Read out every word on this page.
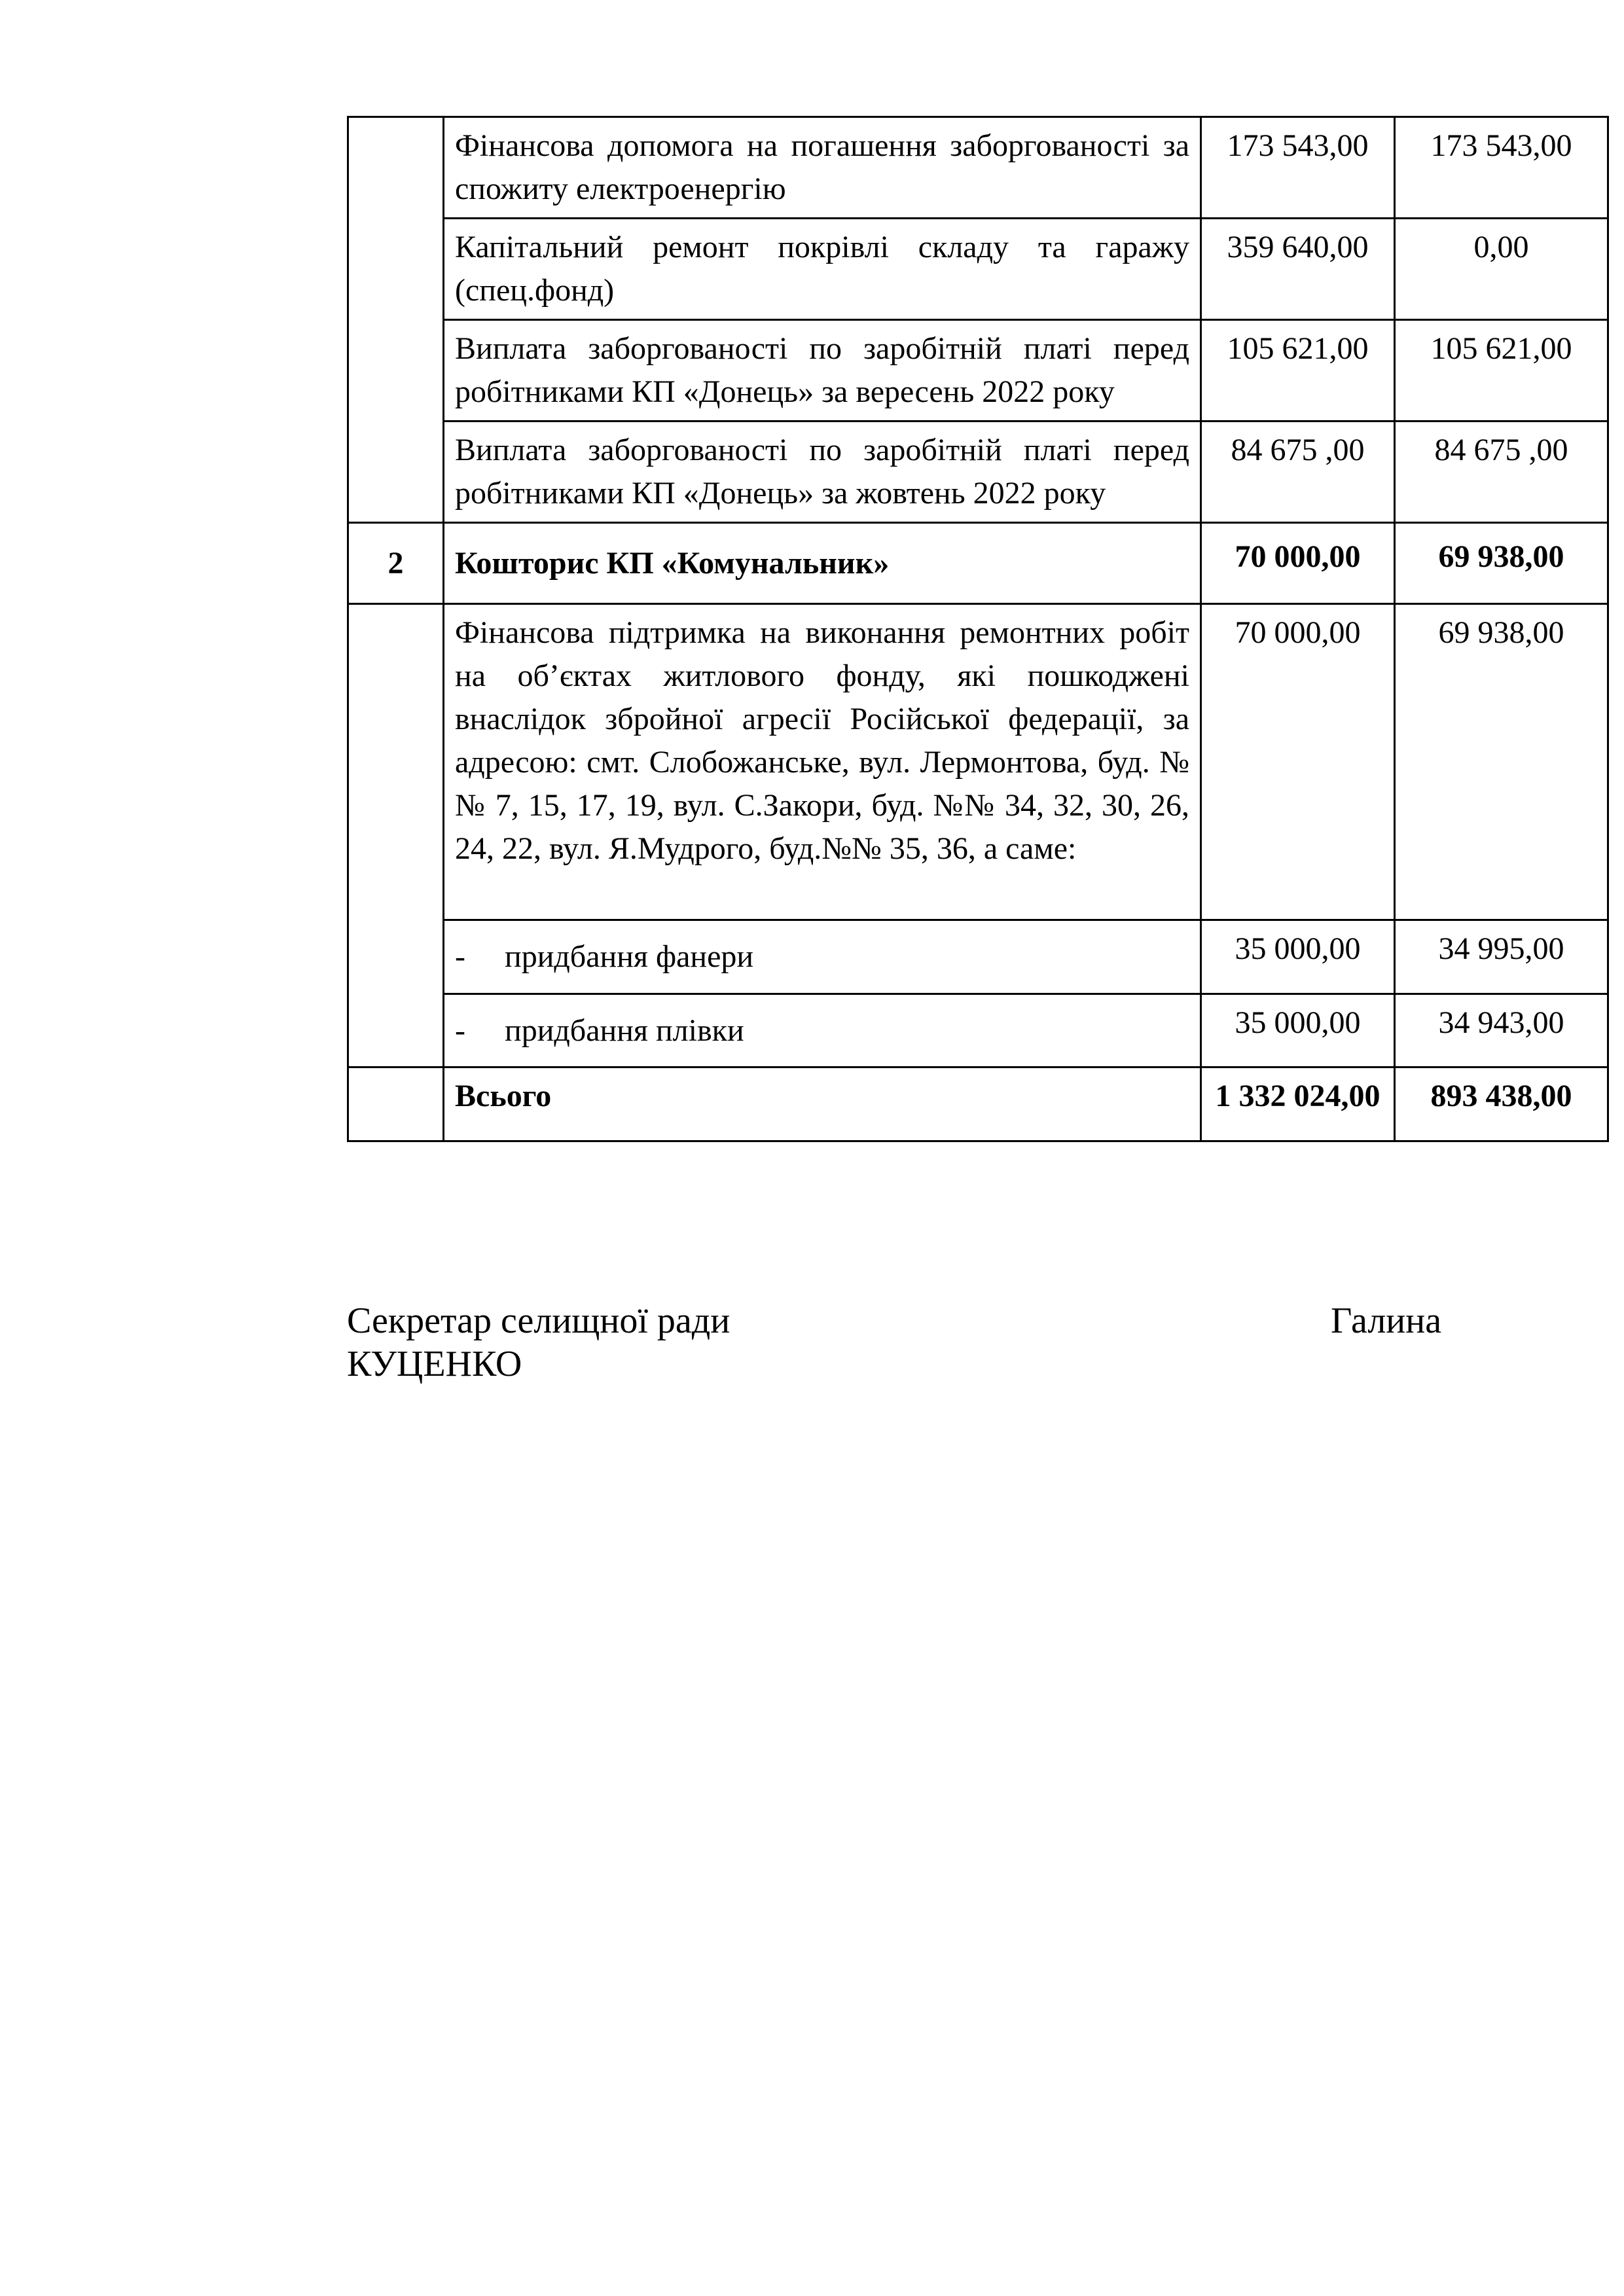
	Фінансова допомога на погашення заборгованості за спожиту електроенергію	173 543,00	173 543,00
	Капітальний ремонт покрівлі складу та гаражу (спец.фонд)	359 640,00	0,00
	Виплата заборгованості по заробітній платі перед робітниками КП «Донець» за вересень 2022 року	105 621,00	105 621,00
	Виплата заборгованості по заробітній платі перед робітниками КП «Донець» за жовтень 2022 року	84 675 ,00	84 675 ,00
2	Кошторис КП «Комунальник»	70 000,00	69 938,00
	Фінансова підтримка на виконання ремонтних робіт на об’єктах житлового фонду, які пошкоджені внаслідок збройної агресії Російської федерації, за адресою: смт. Слобожанське, вул. Лермонтова, буд. №№ 7, 15, 17, 19, вул. С.Закори, буд. №№ 34, 32, 30, 26, 24, 22, вул. Я.Мудрого, буд.№№ 35, 36, а саме:	70 000,00	69 938,00
	- придбання фанери	35 000,00	34 995,00
	- придбання плівки	35 000,00	34 943,00
	Всього	1 332 024,00	893 438,00
Секретар селищної ради	Галина
КУЦЕНКО
